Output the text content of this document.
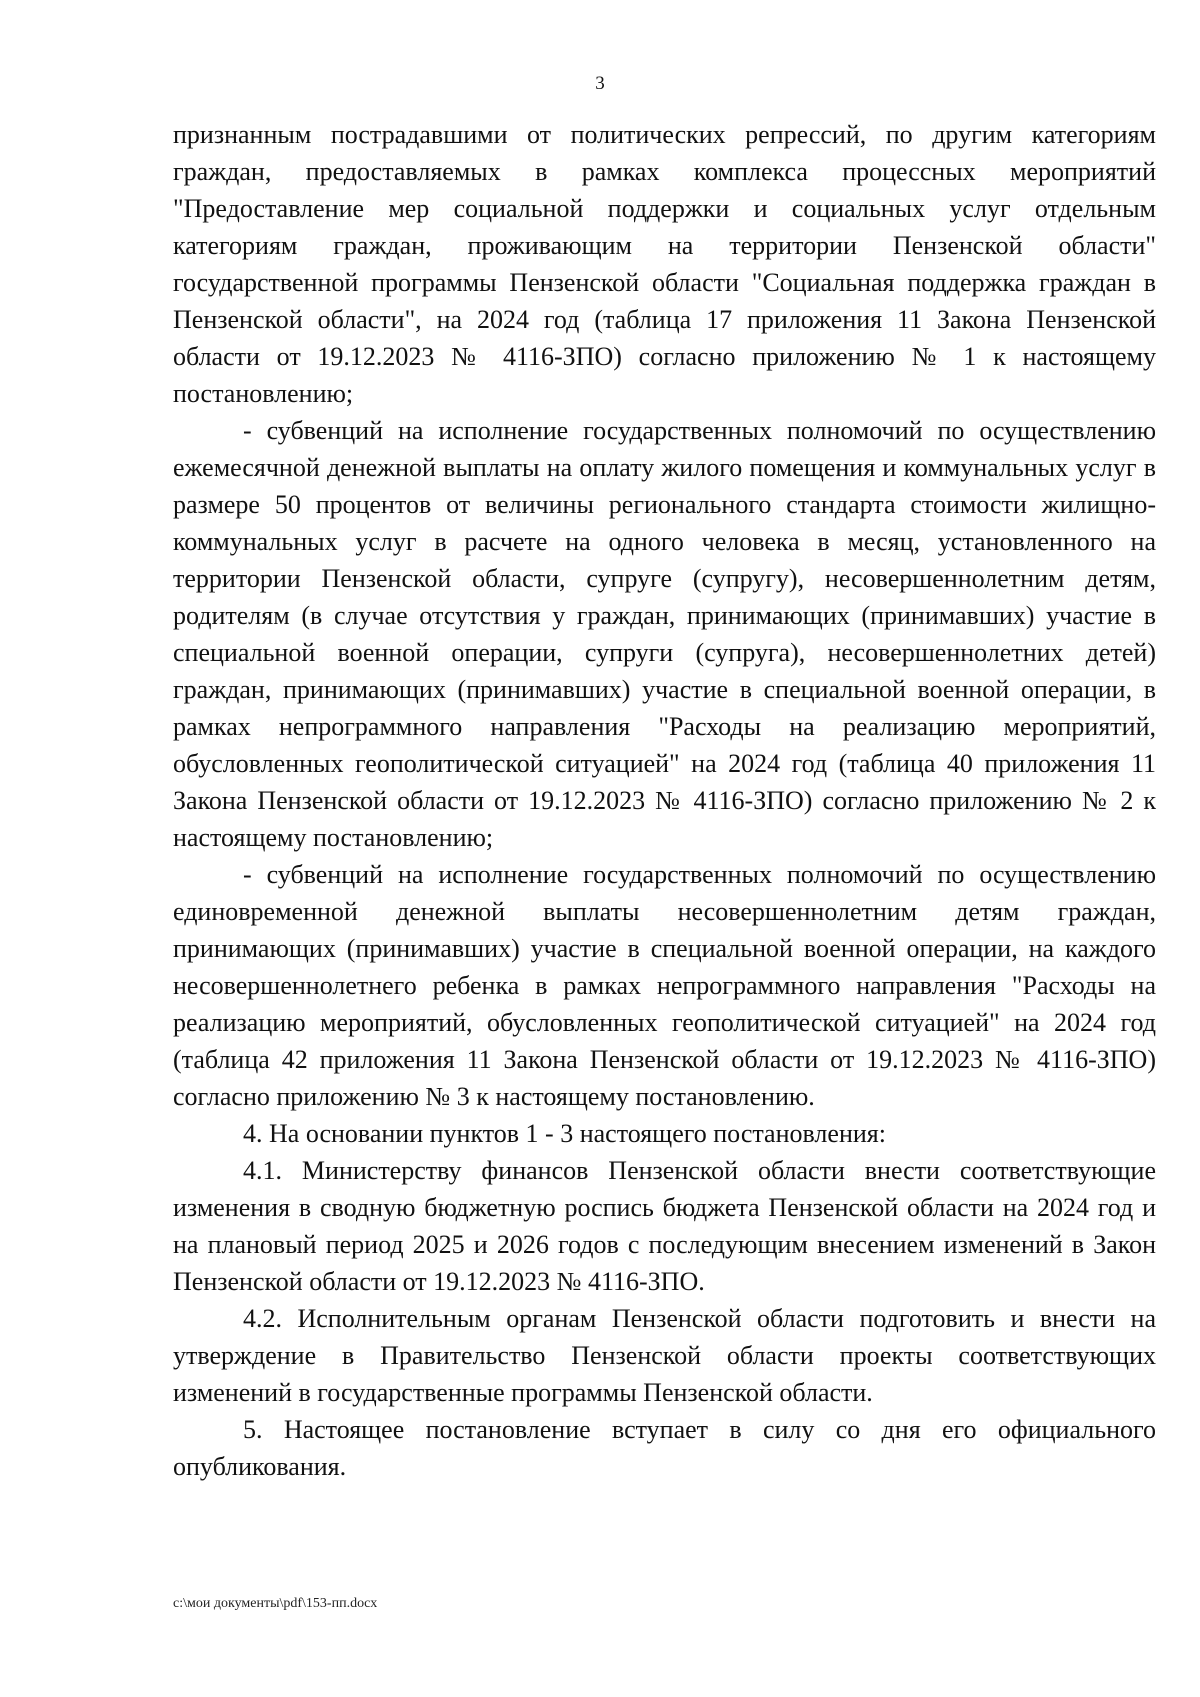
3

признанным пострадавшими от политических репрессий, по другим категориям граждан, предоставляемых в рамках комплекса процессных мероприятий "Предоставление мер социальной поддержки и социальных услуг отдельным категориям граждан, проживающим на территории Пензенской области" государственной программы Пензенской области "Социальная поддержка граждан в Пензенской области", на 2024 год (таблица 17 приложения 11 Закона Пензенской области от 19.12.2023 № 4116-ЗПО) согласно приложению № 1 к настоящему постановлению;

- субвенций на исполнение государственных полномочий по осуществлению ежемесячной денежной выплаты на оплату жилого помещения и коммунальных услуг в размере 50 процентов от величины регионального стандарта стоимости жилищно-коммунальных услуг в расчете на одного человека в месяц, установленного на территории Пензенской области, супруге (супругу), несовершеннолетним детям, родителям (в случае отсутствия у граждан, принимающих (принимавших) участие в специальной военной операции, супруги (супруга), несовершеннолетних детей) граждан, принимающих (принимавших) участие в специальной военной операции, в рамках непрограммного направления "Расходы на реализацию мероприятий, обусловленных геополитической ситуацией" на 2024 год (таблица 40 приложения 11 Закона Пензенской области от 19.12.2023 № 4116-ЗПО) согласно приложению № 2 к настоящему постановлению;

- субвенций на исполнение государственных полномочий по осуществлению единовременной денежной выплаты несовершеннолетним детям граждан, принимающих (принимавших) участие в специальной военной операции, на каждого несовершеннолетнего ребенка в рамках непрограммного направления "Расходы на реализацию мероприятий, обусловленных геополитической ситуацией" на 2024 год (таблица 42 приложения 11 Закона Пензенской области от 19.12.2023 № 4116-ЗПО) согласно приложению № 3 к настоящему постановлению.

4. На основании пунктов 1 - 3 настоящего постановления:

4.1. Министерству финансов Пензенской области внести соответствующие изменения в сводную бюджетную роспись бюджета Пензенской области на 2024 год и на плановый период 2025 и 2026 годов с последующим внесением изменений в Закон Пензенской области от 19.12.2023 № 4116-ЗПО.

4.2. Исполнительным органам Пензенской области подготовить и внести на утверждение в Правительство Пензенской области проекты соответствующих изменений в государственные программы Пензенской области.

5. Настоящее постановление вступает в силу со дня его официального опубликования.

c:\мои документы\pdf\153-пп.docx
